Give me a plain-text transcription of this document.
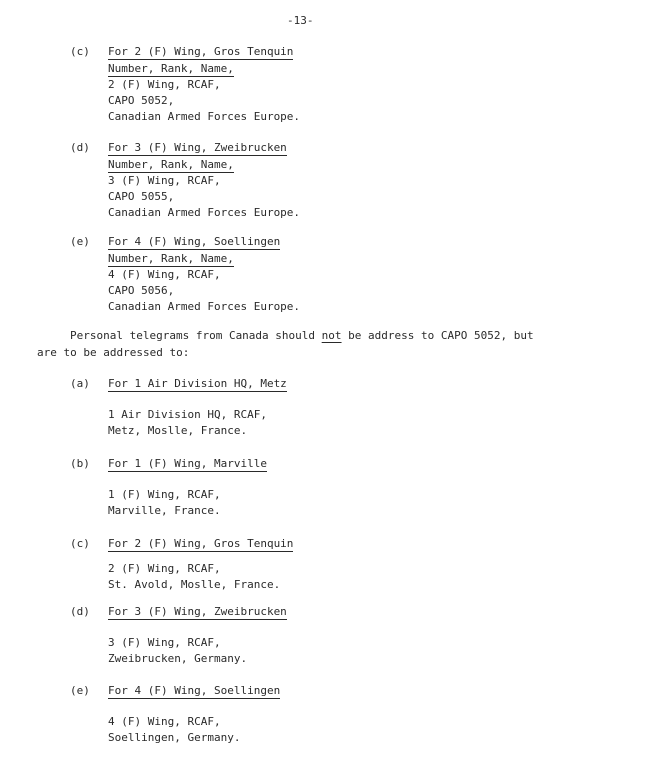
-13-
(c) For 2 (F) Wing, Gros Tenquin
Number, Rank, Name,
2 (F) Wing, RCAF,
CAPO 5052,
Canadian Armed Forces Europe.
(d) For 3 (F) Wing, Zweibrucken
Number, Rank, Name,
3 (F) Wing, RCAF,
CAPO 5055,
Canadian Armed Forces Europe.
(e) For 4 (F) Wing, Soellingen
Number, Rank, Name,
4 (F) Wing, RCAF,
CAPO 5056,
Canadian Armed Forces Europe.
Personal telegrams from Canada should not be address to CAPO 5052, but
are to be addressed to:
(a) For 1 Air Division HQ, Metz
1 Air Division HQ, RCAF,
Metz, Moslle, France.
(b) For 1 (F) Wing, Marville
1 (F) Wing, RCAF,
Marville, France.
(c) For 2 (F) Wing, Gros Tenquin
2 (F) Wing, RCAF,
St. Avold, Moslle, France.
(d) For 3 (F) Wing, Zweibrucken
3 (F) Wing, RCAF,
Zweibrucken, Germany.
(e) For 4 (F) Wing, Soellingen
4 (F) Wing, RCAF,
Soellingen, Germany.
